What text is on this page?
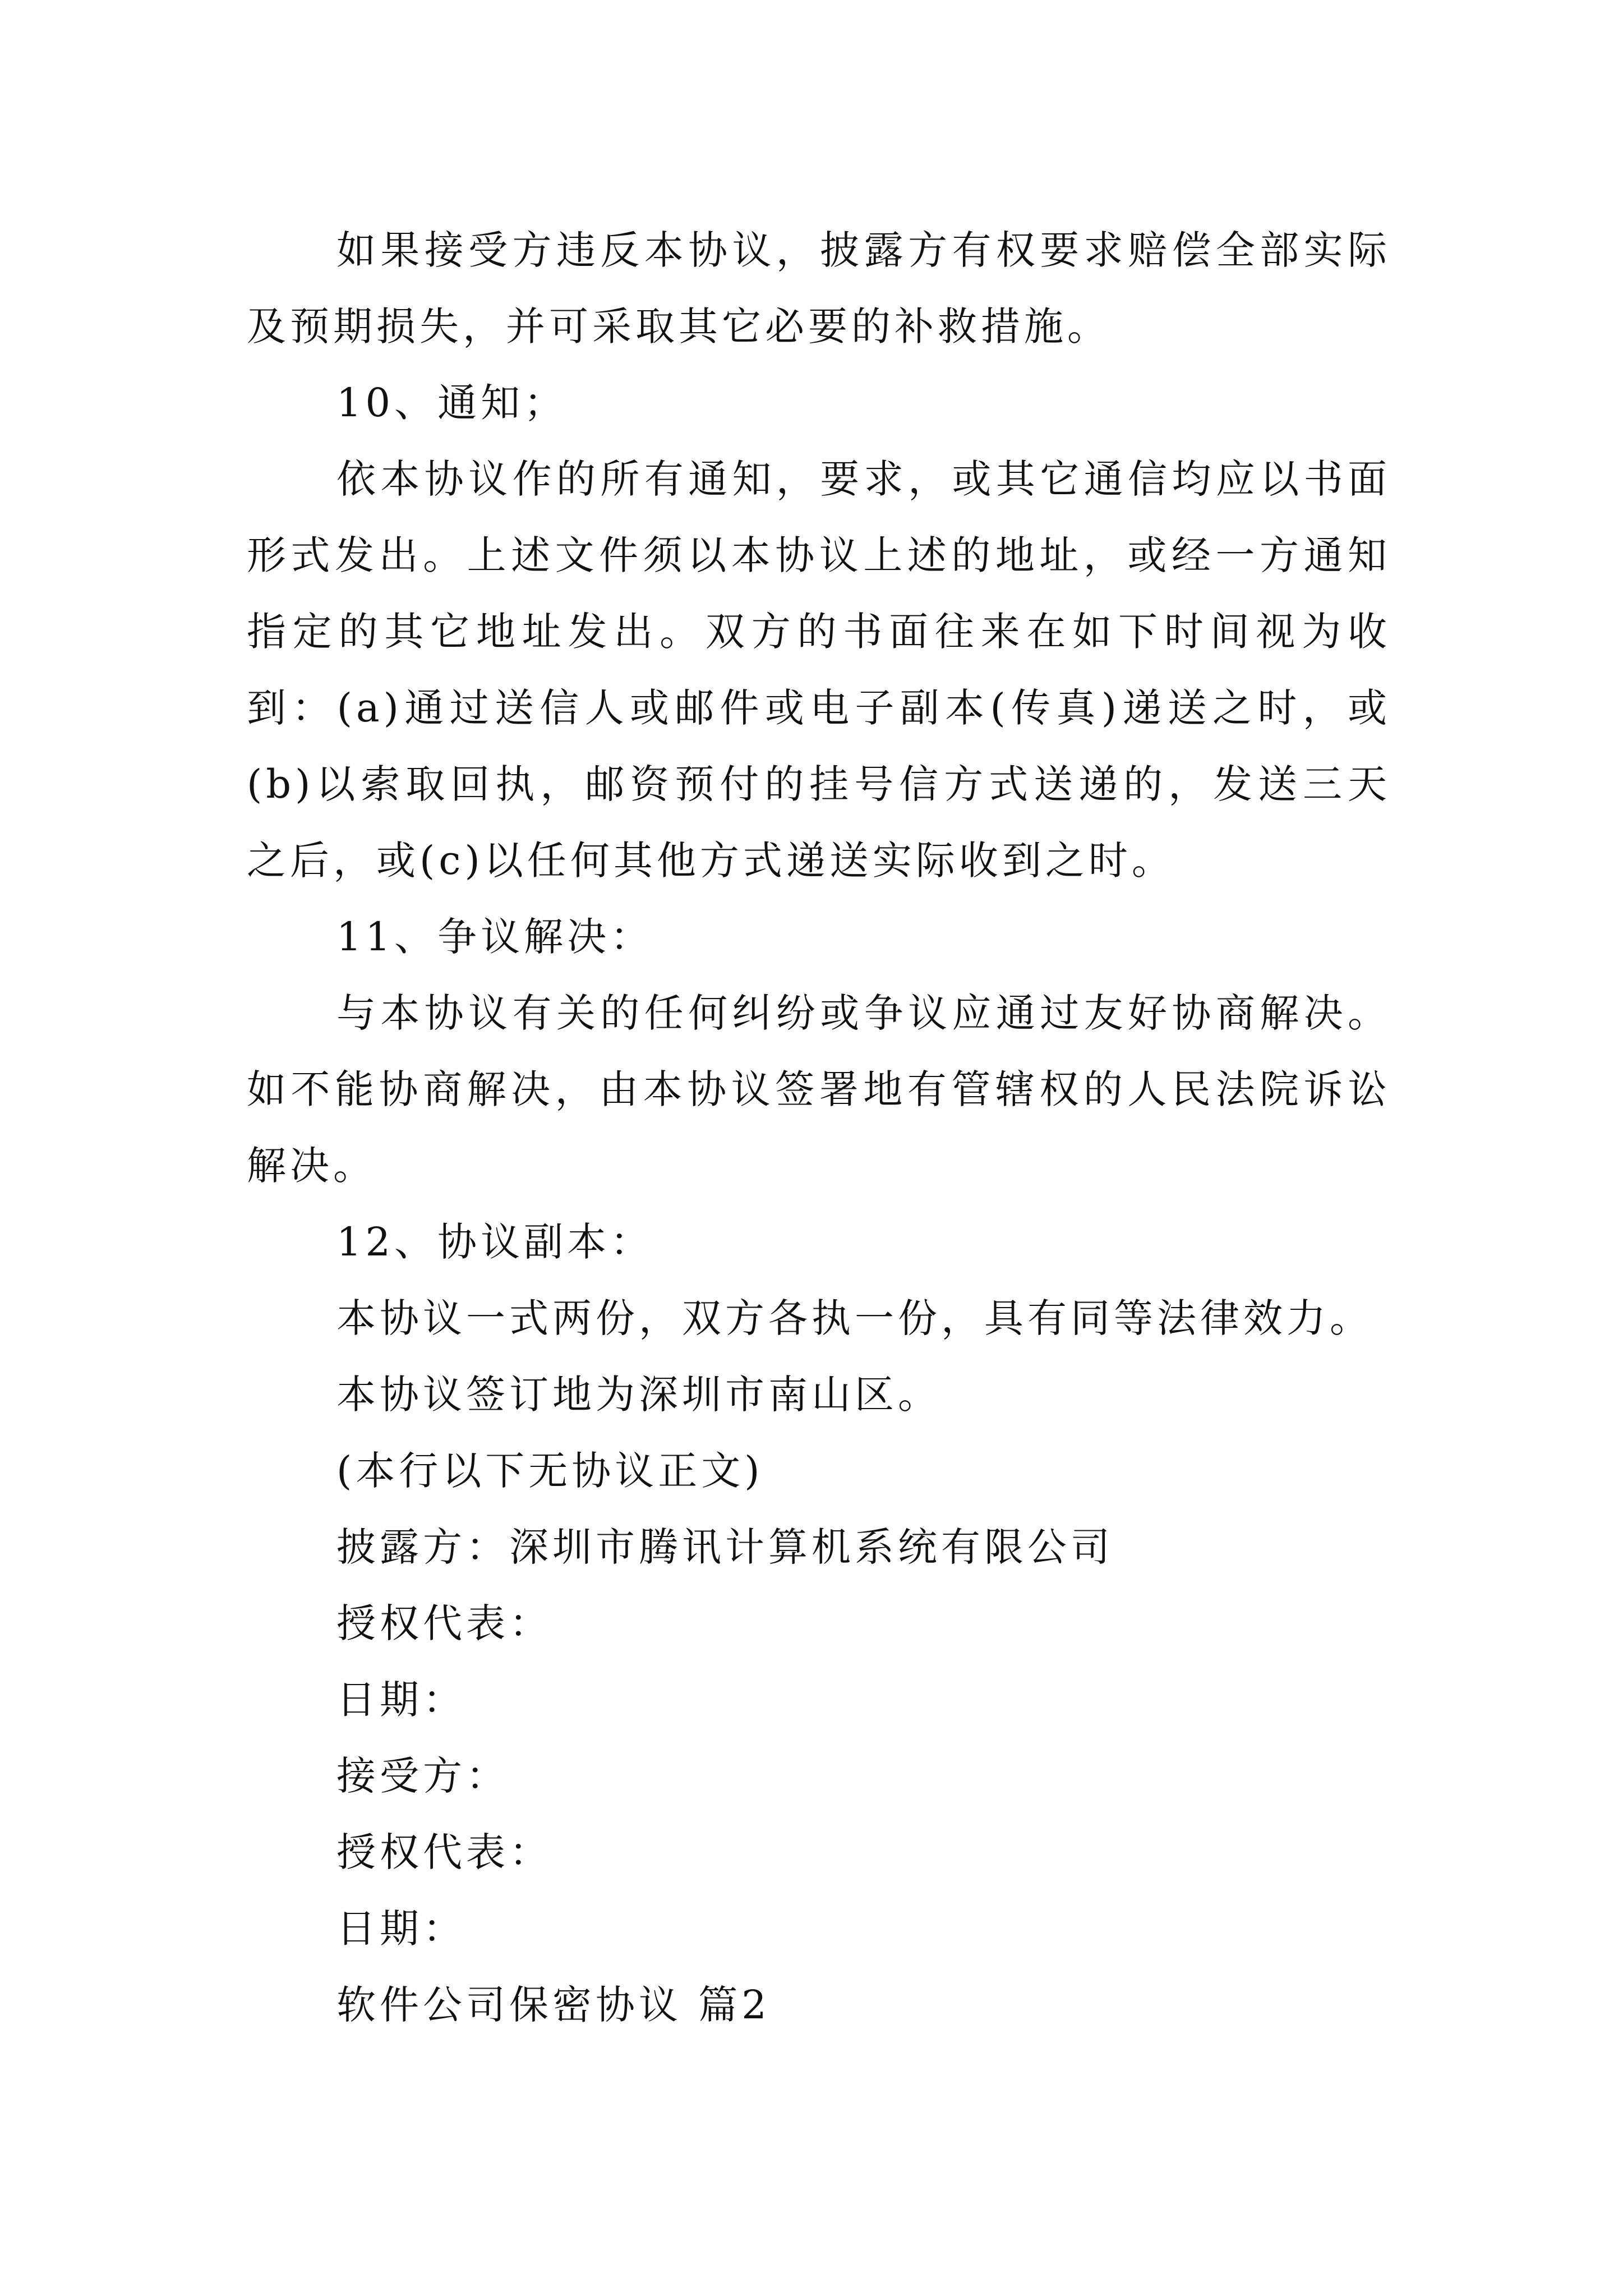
如果接受方违反本协议，披露方有权要求赔偿全部实际及预期损失，并可采取其它必要的补救措施。

10、通知；

依本协议作的所有通知，要求，或其它通信均应以书面形式发出。上述文件须以本协议上述的地址，或经一方通知指定的其它地址发出。双方的书面往来在如下时间视为收到：(a)通过送信人或邮件或电子副本(传真)递送之时，或(b)以索取回执，邮资预付的挂号信方式送递的，发送三天之后，或(c)以任何其他方式递送实际收到之时。

11、争议解决：

与本协议有关的任何纠纷或争议应通过友好协商解决。如不能协商解决，由本协议签署地有管辖权的人民法院诉讼解决。

12、协议副本：

本协议一式两份，双方各执一份，具有同等法律效力。

本协议签订地为深圳市南山区。

(本行以下无协议正文)

披露方：深圳市腾讯计算机系统有限公司

授权代表：

日期：

接受方：

授权代表：

日期：

软件公司保密协议 篇2
